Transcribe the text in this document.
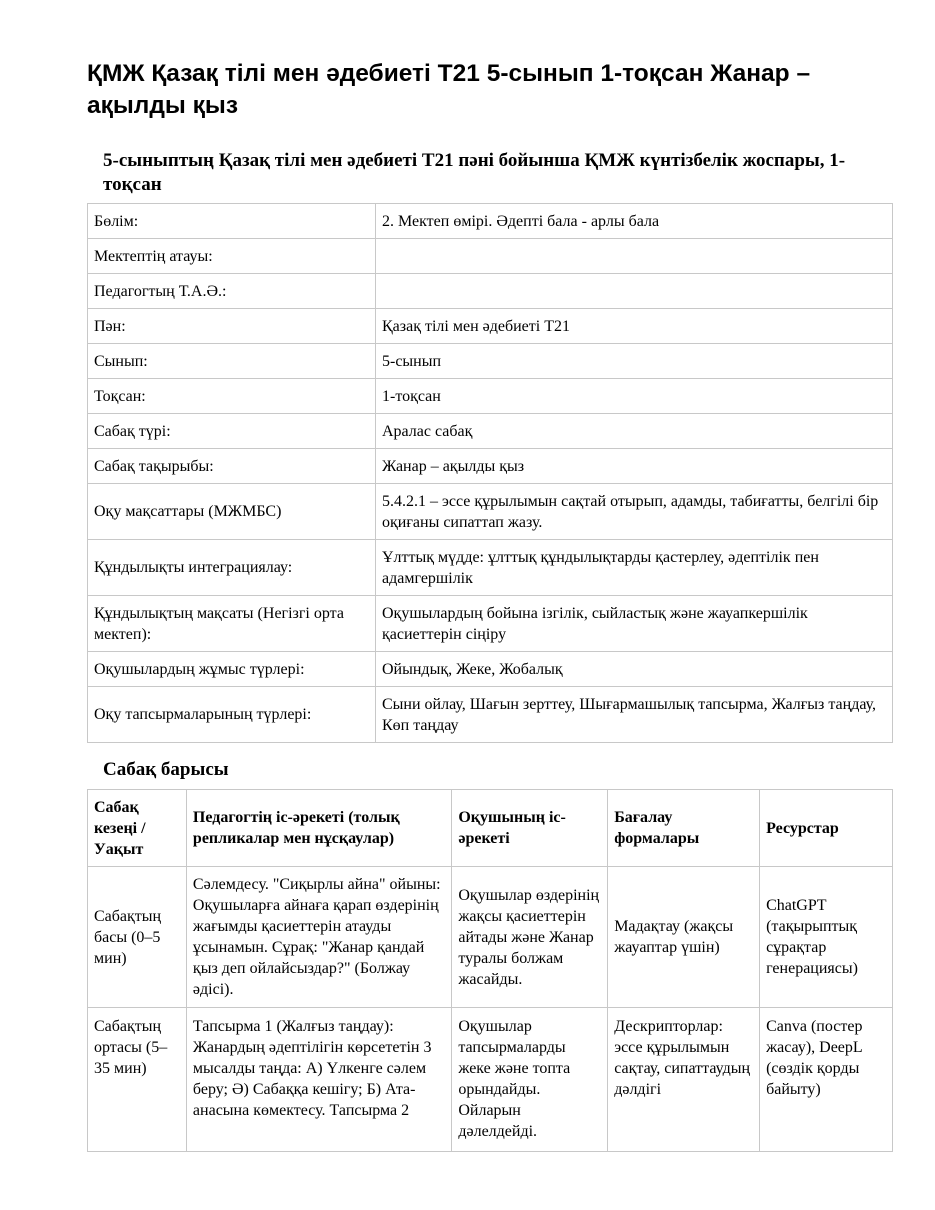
ҚМЖ Қазақ тілі мен әдебиеті Т21 5-сынып 1-тоқсан Жанар – ақылды қыз
5-сыныптың Қазақ тілі мен әдебиеті Т21 пәні бойынша ҚМЖ күнтізбелік жоспары, 1-тоқсан
Бөлім:	2. Мектеп өмірі. Әдепті бала - арлы бала
Мектептің атауы:	
Педагогтың Т.А.Ә.:	
Пән:	Қазақ тілі мен әдебиеті Т21
Сынып:	5-сынып
Тоқсан:	1-тоқсан
Сабақ түрі:	Аралас сабақ
Сабақ тақырыбы:	Жанар – ақылды қыз
Оқу мақсаттары (МЖМБС)	5.4.2.1 – эссе құрылымын сақтай отырып, адамды, табиғатты, белгілі бір оқиғаны сипаттап жазу.
Құндылықты интеграциялау:	Ұлттық мүдде: ұлттық құндылықтарды қастерлеу, әдептілік пен адамгершілік
Құндылықтың мақсаты (Негізгі орта мектеп):	Оқушылардың бойына ізгілік, сыйластық және жауапкершілік қасиеттерін сіңіру
Оқушылардың жұмыс түрлері:	Ойындық, Жеке, Жобалық
Оқу тапсырмаларының түрлері:	Сыни ойлау, Шағын зерттеу, Шығармашылық тапсырма, Жалғыз таңдау, Көп таңдау
Сабақ барысы
Сабақ кезеңі / Уақыт	Педагогтің іс-әрекеті (толық репликалар мен нұсқаулар)	Оқушының іс-әрекеті	Бағалау формалары	Ресурстар
Сабақтың басы (0–5 мин)	Сәлемдесу. "Сиқырлы айна" ойыны: Оқушыларға айнаға қарап өздерінің жағымды қасиеттерін атауды ұсынамын. Сұрақ: "Жанар қандай қыз деп ойлайсыздар?" (Болжау әдісі).	Оқушылар өздерінің жақсы қасиеттерін айтады және Жанар туралы болжам жасайды.	Мадақтау (жақсы жауаптар үшін)	ChatGPT (тақырыптық сұрақтар генерациясы)
Сабақтың ортасы (5–35 мин)	Тапсырма 1 (Жалғыз таңдау): Жанардың әдептілігін көрсететін 3 мысалды таңда: А) Үлкенге сәлем беру; Ә) Сабаққа кешігу; Б) Ата-анасына көмектесу. Тапсырма 2	Оқушылар тапсырмаларды жеке және топта орындайды. Ойларын дәлелдейді.	Дескрипторлар: эссе құрылымын сақтау, сипаттаудың дәлдігі	Canva (постер жасау), DeepL (сөздік қорды байыту)
